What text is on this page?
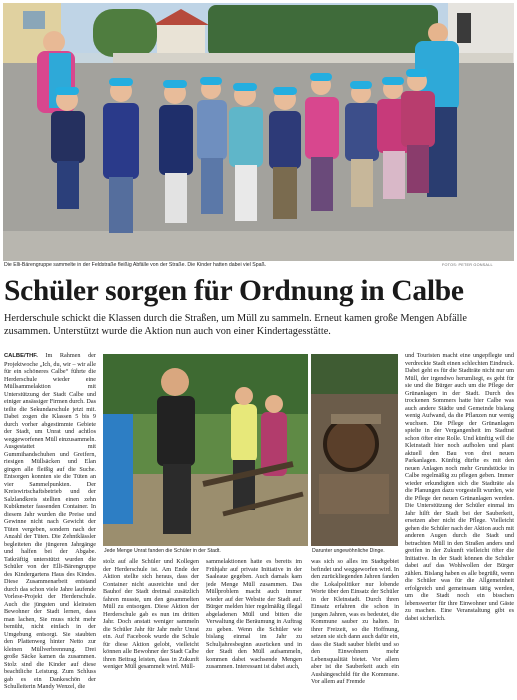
Die Elli-Bärengruppe sammelte in der Feldstraße fleißig Abfälle von der Straße. Die Kinder hatten dabei viel Spaß.	FOTOS: PETER GONSALL
Schüler sorgen für Ordnung in Calbe
Herderschule schickt die Klassen durch die Straßen, um Müll zu sammeln. Erneut kamen große Mengen Abfälle zusammen. Unterstützt wurde die Aktion nun auch von einer Kindertagesstätte.
CALBE/THF. Im Rahmen der Projektwoche „Ich, du, wir – wir alle für ein schöneres Calbe“ führte die Herderschule wieder eine Müllsammelaktion mit Unterstützung der Stadt Calbe und einiger ansässiger Firmen durch. Das teilte die Sekundarschule jetzt mit. Dabei zogen die Klassen 5 bis 9 durch vorher abgestimmte Gebiete der Stadt, um Unrat und achtlos weggeworfenen Müll einzusammeln. Ausgestattet mit Gummihandschuhen und Greifern, riesigen Müllsäcken und Elan gingen alle fleißig auf die Suche. Entsorgen konnten sie die Tüten an vier Sammelpunkten. Der Kreiswirtschaftsbetrieb und der Salzlandkreis stellten einen zehn Kubikmeter fassenden Container. In diesem Jahr wurden die Preise und Gewinne nicht nach Gewicht der Tüten vergeben, sondern nach der Anzahl der Tüten. Die Zehntklässler begleiteten die jüngeren Jahrgänge und halfen bei der Abgabe. Tatkräftig unterstützt wurden die Schüler von der Elli-Bärengruppe des Kindergartens Haus des Kindes. Diese Zusammenarbeit entstand durch das schon viele Jahre laufende Vorlese-Projekt der Herderschule. Auch die jüngsten und kleinsten Bewohner der Stadt lernen, dass man lachen, Sie muss nicht mehr bemüht, nicht einfach in der Umgebung entsorgt. Sie staubten den Plattenweg hinter Netto zur kleinen Müllverbrennung. Drei große Säcke kamen da zusammen. Stolz sind die Kinder auf diese beachtliche Leistung. Zum Schluss gab es ein Dankeschön der Schulleiterin Mandy Wenzel, die
Jede Menge Unrat fanden die Schüler in der Stadt.	Darunter ungewöhnliche Dinge.
stolz auf alle Schüler und Kollegen der Herderschule ist. Am Ende der Aktion stellte sich heraus, dass der Container nicht ausreichte und der Bauhof der Stadt dreimal zusätzlich fahren musste, um den gesammelten Müll zu entsorgen. Diese Aktion der Herderschule gab es nun im dritten Jahr. Doch anstatt weniger sammeln die Schüler Jahr für Jahr mehr Unrat ein. Auf Facebook wurde die Schule für diese Aktion gelobt, vielleicht können alle Bewohner der Stadt Calbe ihren Beitrag leisten, dass in Zukunft weniger Müll gesammelt wird. Müll-
sammelaktionen hatte es bereits im Frühjahr auf private Initiative in der Saaleaue gegeben. Auch damals kam jede Menge Müll zusammen. Das Müllproblem macht auch immer wieder auf der Website der Stadt auf. Bürger melden hier regelmäßig illegal abgeladenen Müll und bitten die Verwaltung die Beräumung in Auftrag zu geben. Wenn die Schüler wie bislang einmal im Jahr zu Schuljahresbeginn ausrücken und in der Stadt den Müll aufsammeln, kommen dabei wachsende Mengen zusammen. Interessant ist dabei auch,
was sich so alles im Stadtgebiet befindet und weggeworfen wird. In den zurückliegenden Jahren fanden die Lokalpolitiker nur lobende Worte über den Einsatz der Schüler in der Kleinstadt. Durch ihren Einsatz erfahren die schon in jungen Jahren, was es bedeutet, die Kommune sauber zu halten. In ihrer Freizeit, so die Hoffnung, setzen sie sich dann auch dafür ein, dass die Stadt sauber bleibt und so den Einwohnern mehr Lebensqualität bietet. Vor allem aber ist die Sauberkeit auch ein Aushängeschild für die Kommune. Vor allem auf Fremde
und Touristen macht eine ungepflegte und verdreckte Stadt einen schlechten Eindruck. Dabei geht es für die Stadträte nicht nur um Müll, der irgendwo herumliegt, es geht für sie und die Bürger auch um die Pflege der Grünanlagen in der Stadt. Durch des trockenen Sommers hatte hier Calbe was auch andere Städte und Gemeinde bislang wenig Aufwand, da die Pflanzen nur wenig wuchsen. Die Pflege der Grünanlagen spielte in der Vergangenheit im Stadtrat schon öfter eine Rolle. Und künftig will die Kleinstadt hier noch aufholen und plant aktuell den Bau von drei neuen Parkanlagen. Künftig dürfte es mit den neuen Anlagen noch mehr Grundstücke in Calbe regelmäßig zu pflegen geben. Immer wieder erkundigten sich die Stadträte als die Planungen dazu vorgestellt wurden, wie die Pflege der neuen Grünanlagen werden. Die Unterstützung der Schüler einmal im Jahr hilft der Stadt bei der Sauberkeit, ersetzen aber nicht die Pflege. Vielleicht gehen die Schüler nach der Aktion auch mit anderen Augen durch die Stadt und betrachten Müll in den Straßen anders und greifen in der Zukunft vielleicht öfter die Initiative. In der Stadt können die Schüler dabei auf das Wohlwollen der Bürger zählen. Bislang haben es alle begrüßt, wenn die Schüler was für die Allgemeinheit erfolgreich und gemeinsam tätig werden, um die Stadt noch ein bisschen lebenswerter für ihre Einwohner und Gäste zu machen. Eine Veranstaltung gibt es dabei sicherlich.
